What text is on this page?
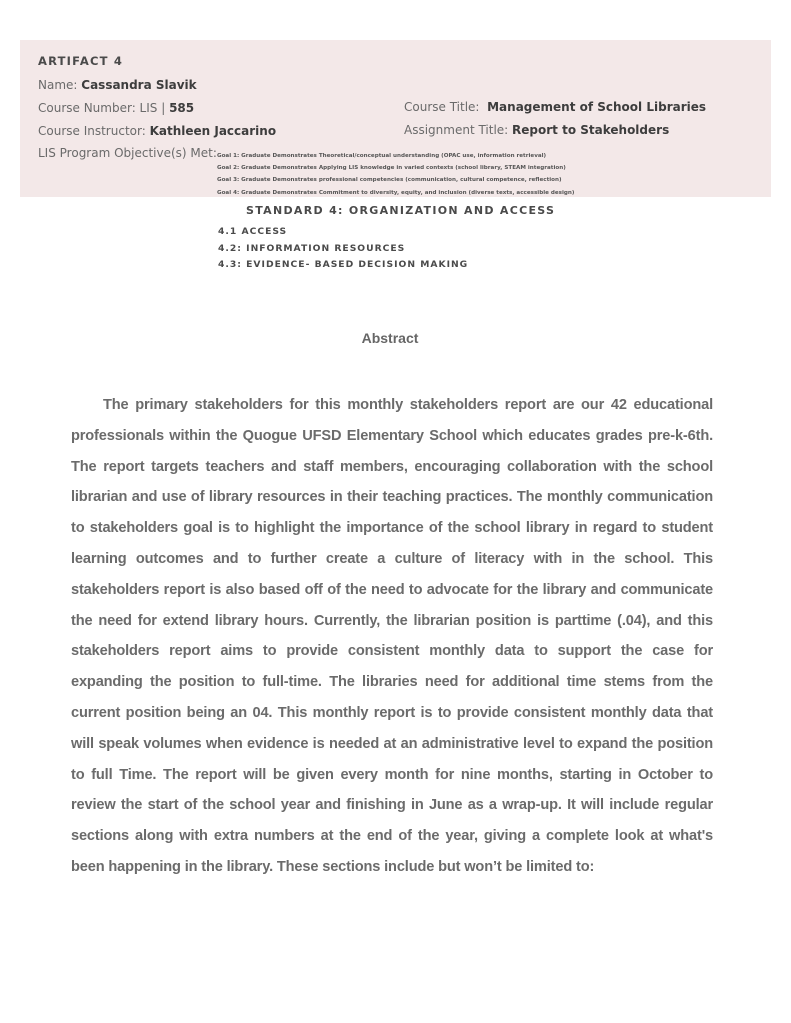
ARTIFACT 4
Name: Cassandra Slavik
Course Number: LIS | 585
Course Instructor: Kathleen Jaccarino
LIS Program Objective(s) Met:
Course Title:  Management of School Libraries
Assignment Title: Report to Stakeholders
Goal 1: Graduate Demonstrates Theoretical/conceptual understanding (OPAC use, information retrieval)
Goal 2: Graduate Demonstrates Applying LIS knowledge in varied contexts (school library, STEAM integration)
Goal 3: Graduate Demonstrates professional competencies (communication, cultural competence, reflection)
Goal 4: Graduate Demonstrates Commitment to diversity, equity, and inclusion (diverse texts, accessible design)
STANDARD 4: ORGANIZATION AND ACCESS
4.1 ACCESS
4.2: INFORMATION RESOURCES
4.3: EVIDENCE- BASED DECISION MAKING
Abstract

The primary stakeholders for this monthly stakeholders report are our 42 educational professionals within the Quogue UFSD Elementary School which educates grades pre-k-6th. The report targets teachers and staff members, encouraging collaboration with the school librarian and use of library resources in their teaching practices. The monthly communication to stakeholders goal is to highlight the importance of the school library in regard to student learning outcomes and to further create a culture of literacy with in the school. This stakeholders report is also based off of the need to advocate for the library and communicate the need for extend library hours. Currently, the librarian position is parttime (.04), and this stakeholders report aims to provide consistent monthly data to support the case for expanding the position to full-time. The libraries need for additional time stems from the current position being an 04. This monthly report is to provide consistent monthly data that will speak volumes when evidence is needed at an administrative level to expand the position to full Time. The report will be given every month for nine months, starting in October to review the start of the school year and finishing in June as a wrap-up. It will include regular sections along with extra numbers at the end of the year, giving a complete look at what's been happening in the library. These sections include but won’t be limited to:
